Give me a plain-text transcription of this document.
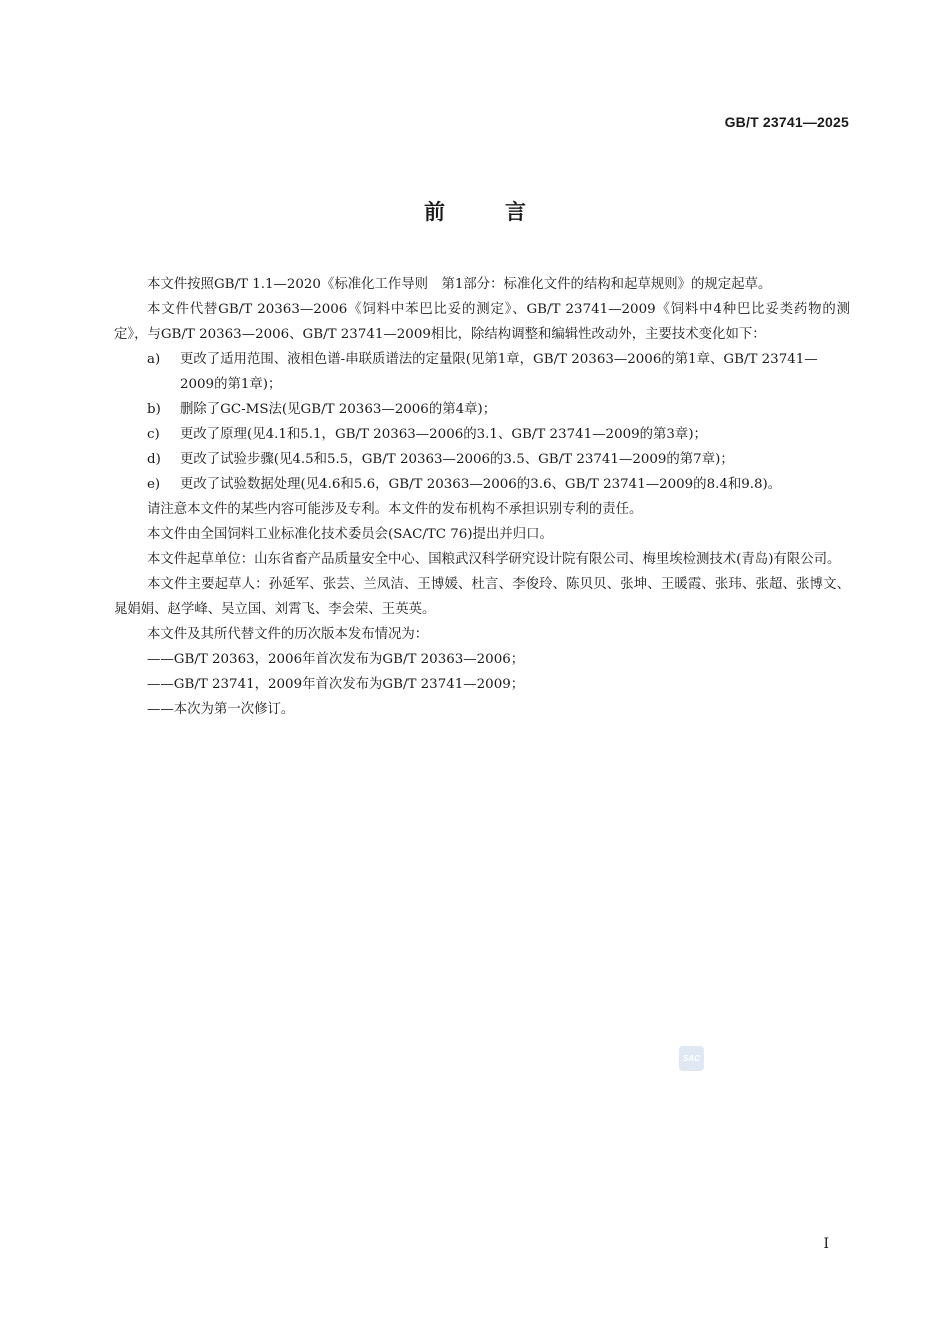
GB/T 23741—2025
前	言

本文件按照GB/T 1.1—2020《标准化工作导则　第1部分：标准化文件的结构和起草规则》的规定起草。

本文件代替GB/T 20363—2006《饲料中苯巴比妥的测定》、GB/T 23741—2009《饲料中4种巴比妥类药物的测定》，与GB/T 20363—2006、GB/T 23741—2009相比，除结构调整和编辑性改动外，主要技术变化如下：

a) 更改了适用范围、液相色谱-串联质谱法的定量限(见第1章，GB/T 20363—2006的第1章、GB/T 23741—2009的第1章)；
b) 删除了GC-MS法(见GB/T 20363—2006的第4章)；
c) 更改了原理(见4.1和5.1，GB/T 20363—2006的3.1、GB/T 23741—2009的第3章)；
d) 更改了试验步骤(见4.5和5.5，GB/T 20363—2006的3.5、GB/T 23741—2009的第7章)；
e) 更改了试验数据处理(见4.6和5.6，GB/T 20363—2006的3.6、GB/T 23741—2009的8.4和9.8)。

请注意本文件的某些内容可能涉及专利。本文件的发布机构不承担识别专利的责任。

本文件由全国饲料工业标准化技术委员会(SAC/TC 76)提出并归口。

本文件起草单位：山东省畜产品质量安全中心、国粮武汉科学研究设计院有限公司、梅里埃检测技术(青岛)有限公司。

本文件主要起草人：孙延军、张芸、兰凤洁、王博媛、杜言、李俊玲、陈贝贝、张坤、王暖霞、张玮、张超、张博文、晁娟娟、赵学峰、吴立国、刘霄飞、李会荣、王英英。

本文件及其所代替文件的历次版本发布情况为：

——GB/T 20363，2006年首次发布为GB/T 20363—2006；

——GB/T 23741，2009年首次发布为GB/T 23741—2009；

——本次为第一次修订。

SAC
I
